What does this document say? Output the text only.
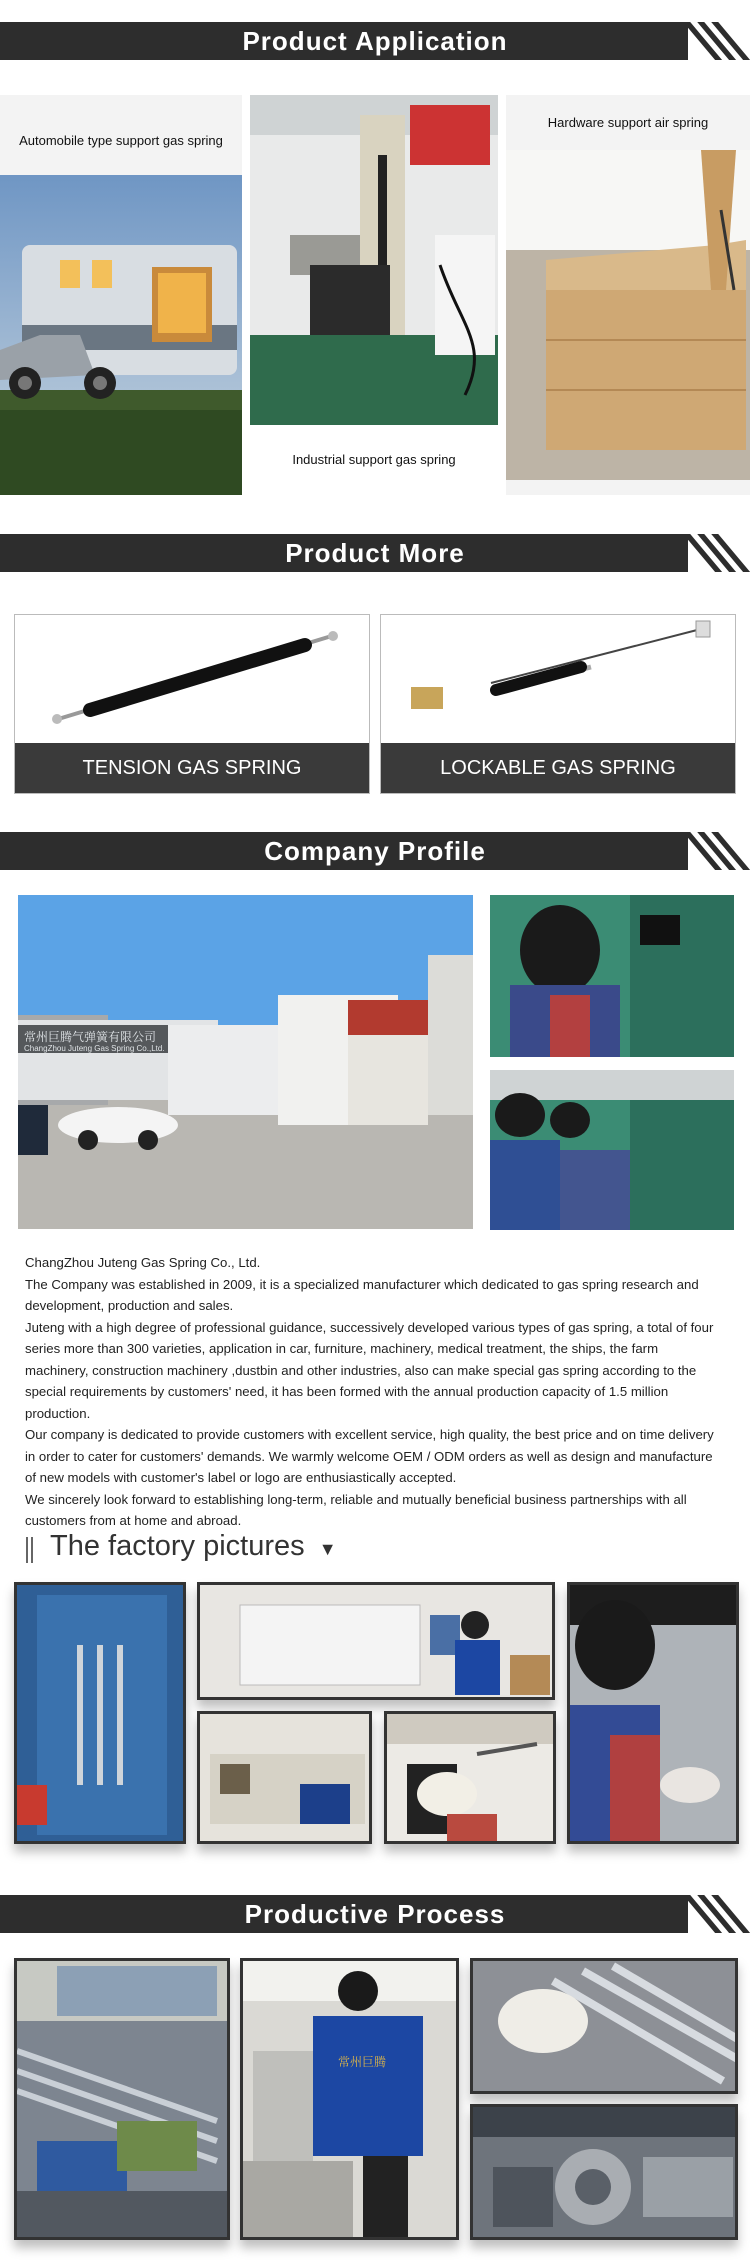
Product Application
Automobile type support gas spring
Industrial support gas spring
Hardware support air spring
Product More
TENSION GAS SPRING	LOCKABLE GAS SPRING
Company Profile
常州巨腾气弹簧有限公司
ChangZhou Juteng Gas Spring Co.,Ltd.

ChangZhou Juteng Gas Spring Co., Ltd.

The Company was established in 2009, it is a specialized manufacturer which dedicated to gas spring research and development, production and sales.

Juteng with a high degree of professional guidance, successively developed various types of gas spring, a total of four series more than 300 varieties, application in car, furniture, machinery, medical treatment, the ships, the farm machinery, construction machinery ,dustbin and other industries, also can make special gas spring according to the special requirements by customers' need, it has been formed with the annual production capacity of 1.5 million production.

Our company is dedicated to provide customers with excellent service, high quality, the best price and on time delivery in order to cater for customers' demands. We warmly welcome OEM / ODM orders as well as design and manufacture of new models with customer's label or logo are enthusiastically accepted.

We sincerely look forward to establishing long-term, reliable and mutually beneficial business partnerships with all customers from at home and abroad.

The factory pictures ▼
Productive Process
常州巨腾
